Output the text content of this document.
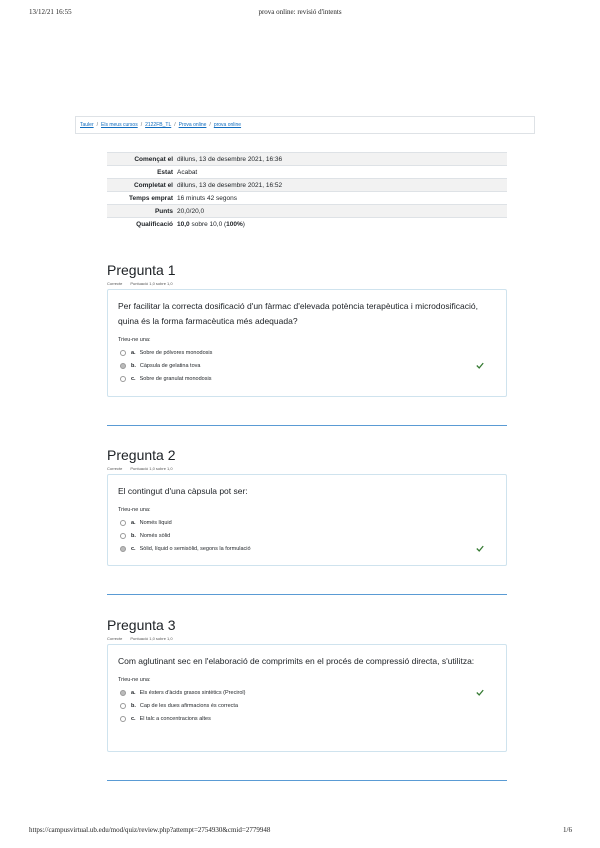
13/12/21 16:55	prova online: revisió d'intents
Tauler / Els meus cursos / 2122FB_TL / Prova online / prova online
Començat el	dilluns, 13 de desembre 2021, 16:36
Estat	Acabat
Completat el	dilluns, 13 de desembre 2021, 16:52
Temps emprat	16 minuts 42 segons
Punts	20,0/20,0
Qualificació	10,0 sobre 10,0 (100%)
Pregunta 1
Correcte Puntuació 1,0 sobre 1,0
Per facilitar la correcta dosificació d'un fàrmac d'elevada potència terapèutica i microdosificació, quina és la forma farmacèutica més adequada?
Trieu-ne una:
a. Sobre de pólvores monodosis
b. Càpsula de gelatina tova
c. Sobre de granulat monodosis
Pregunta 2
Correcte Puntuació 1,0 sobre 1,0
El contingut d'una càpsula pot ser:
Trieu-ne una:
a. Només líquid
b. Només sòlid
c. Sòlid, líquid o semisòlid, segons la formulació
Pregunta 3
Correcte Puntuació 1,0 sobre 1,0
Com aglutinant sec en l'elaboració de comprimits en el procés de compressió directa, s'utilitza:
Trieu-ne una:
a. Els ésters d'àcids grasos sintètics (Precirol)
b. Cap de les dues afirmacions és correcta
c. El talc a concentracions altes
https://campusvirtual.ub.edu/mod/quiz/review.php?attempt=2754930&cmid=2779948	1/6
